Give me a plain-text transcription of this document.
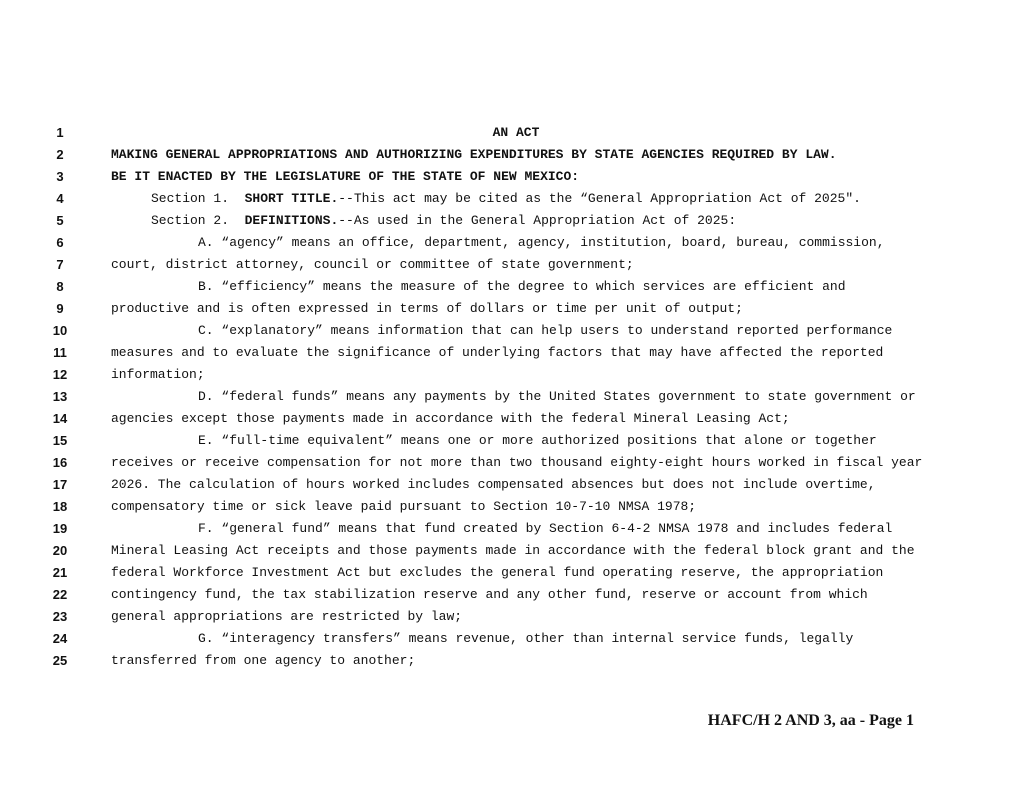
1
2
3
4
5
6
7
8
9
10
11
12
13
14
15
16
17
18
19
20
21
22
23
24
25
AN ACT
MAKING GENERAL APPROPRIATIONS AND AUTHORIZING EXPENDITURES BY STATE AGENCIES REQUIRED BY LAW.
BE IT ENACTED BY THE LEGISLATURE OF THE STATE OF NEW MEXICO:
Section 1.  SHORT TITLE.--This act may be cited as the “General Appropriation Act of 2025".
Section 2.  DEFINITIONS.--As used in the General Appropriation Act of 2025:
A. “agency” means an office, department, agency, institution, board, bureau, commission,
court, district attorney, council or committee of state government;
B. “efficiency” means the measure of the degree to which services are efficient and
productive and is often expressed in terms of dollars or time per unit of output;
C. “explanatory” means information that can help users to understand reported performance
measures and to evaluate the significance of underlying factors that may have affected the reported
information;
D. “federal funds” means any payments by the United States government to state government or
agencies except those payments made in accordance with the federal Mineral Leasing Act;
E. “full-time equivalent” means one or more authorized positions that alone or together
receives or receive compensation for not more than two thousand eighty-eight hours worked in fiscal year
2026. The calculation of hours worked includes compensated absences but does not include overtime,
compensatory time or sick leave paid pursuant to Section 10-7-10 NMSA 1978;
F. “general fund” means that fund created by Section 6-4-2 NMSA 1978 and includes federal
Mineral Leasing Act receipts and those payments made in accordance with the federal block grant and the
federal Workforce Investment Act but excludes the general fund operating reserve, the appropriation
contingency fund, the tax stabilization reserve and any other fund, reserve or account from which
general appropriations are restricted by law;
G. “interagency transfers” means revenue, other than internal service funds, legally
transferred from one agency to another;
HAFC/H 2 AND 3, aa - Page 1
